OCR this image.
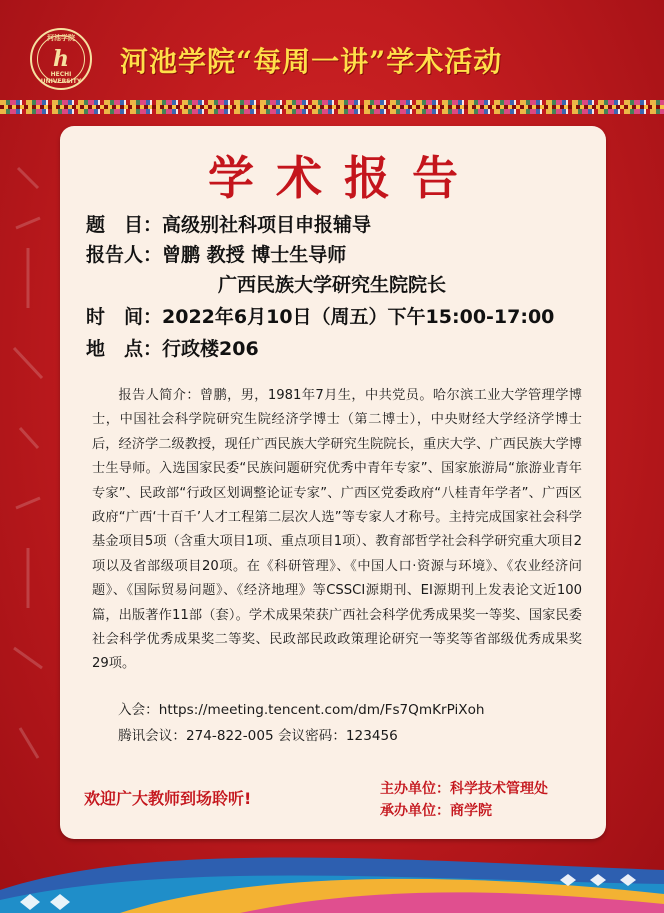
河池学院
h
HECHI UNIVERSITY
河池学院“每周一讲”学术活动
学术报告
题　目：高级别社科项目申报辅导
报告人：曾鹏 教授 博士生导师
广西民族大学研究生院院长
时　间：2022年6月10日（周五）下午15:00-17:00
地　点：行政楼206
报告人简介：曾鹏，男，1981年7月生，中共党员。哈尔滨工业大学管理学博士，中国社会科学院研究生院经济学博士（第二博士），中央财经大学经济学博士后，经济学二级教授，现任广西民族大学研究生院院长，重庆大学、广西民族大学博士生导师。入选国家民委“民族问题研究优秀中青年专家”、国家旅游局“旅游业青年专家”、民政部“行政区划调整论证专家”、广西区党委政府“八桂青年学者”、广西区政府“广西‘十百千’人才工程第二层次人选”等专家人才称号。主持完成国家社会科学基金项目5项（含重大项目1项、重点项目1项）、教育部哲学社会科学研究重大项目2项以及省部级项目20项。在《科研管理》、《中国人口·资源与环境》、《农业经济问题》、《国际贸易问题》、《经济地理》等CSSCI源期刊、EI源期刊上发表论文近100篇，出版著作11部（套）。学术成果荣获广西社会科学优秀成果奖一等奖、国家民委社会科学优秀成果奖二等奖、民政部民政政策理论研究一等奖等省部级优秀成果奖29项。
入会：https://meeting.tencent.com/dm/Fs7QmKrPiXoh
腾讯会议：274-822-005 会议密码：123456
欢迎广大教师到场聆听!	主办单位：科学技术管理处
承办单位：商学院
